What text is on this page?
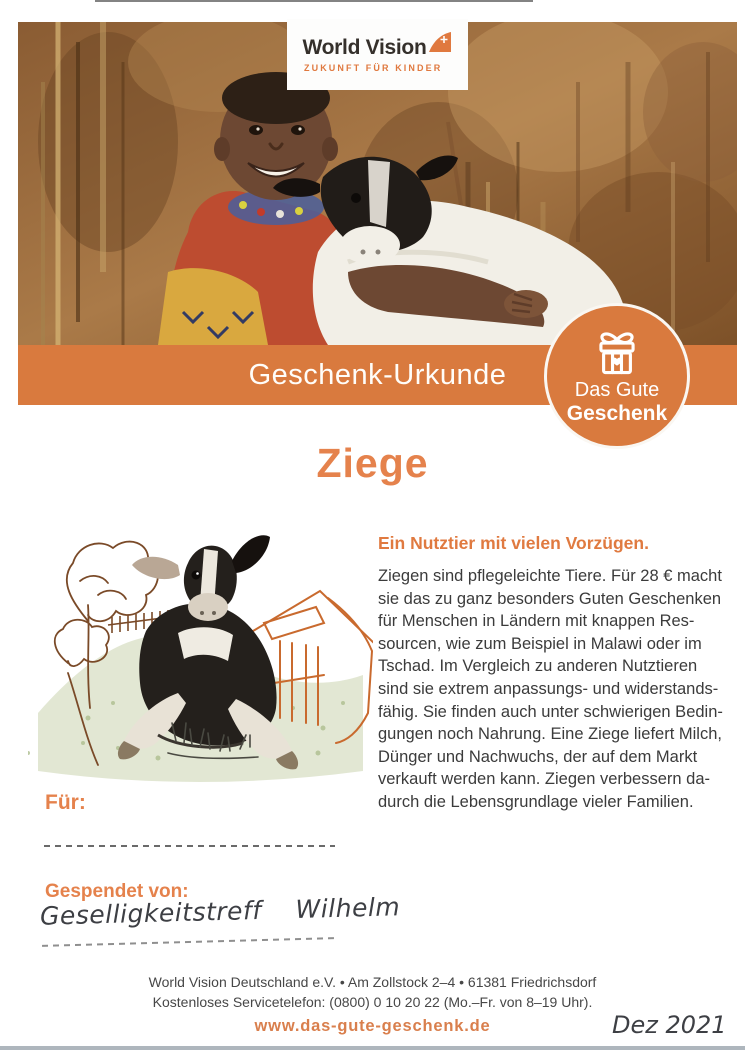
World Vision
ZUKUNFT FÜR KINDER
Geschenk-Urkunde	Das Gute
Geschenk
Ziege
Ein Nutztier mit vielen Vorzügen.
Ziegen sind pflegeleichte Tiere. Für 28 € macht
sie das zu ganz besonders Guten Geschenken
für Menschen in Ländern mit knappen Res-
sourcen, wie zum Beispiel in Malawi oder im
Tschad. Im Vergleich zu anderen Nutztieren
sind sie extrem anpassungs- und widerstands-
fähig. Sie finden auch unter schwierigen Bedin-
gungen noch Nahrung. Eine Ziege liefert Milch,
Dünger und Nachwuchs, der auf dem Markt
verkauft werden kann. Ziegen verbessern da-
durch die Lebensgrundlage vieler Familien.
Für:
Gespendet von:
Geselligkeitstreff Wilhelm
World Vision Deutschland e.V. • Am Zollstock 2–4 • 61381 Friedrichsdorf
Kostenloses Servicetelefon: (0800) 0 10 20 22 (Mo.–Fr. von 8–19 Uhr).
www.das-gute-geschenk.de	Dez 2021
